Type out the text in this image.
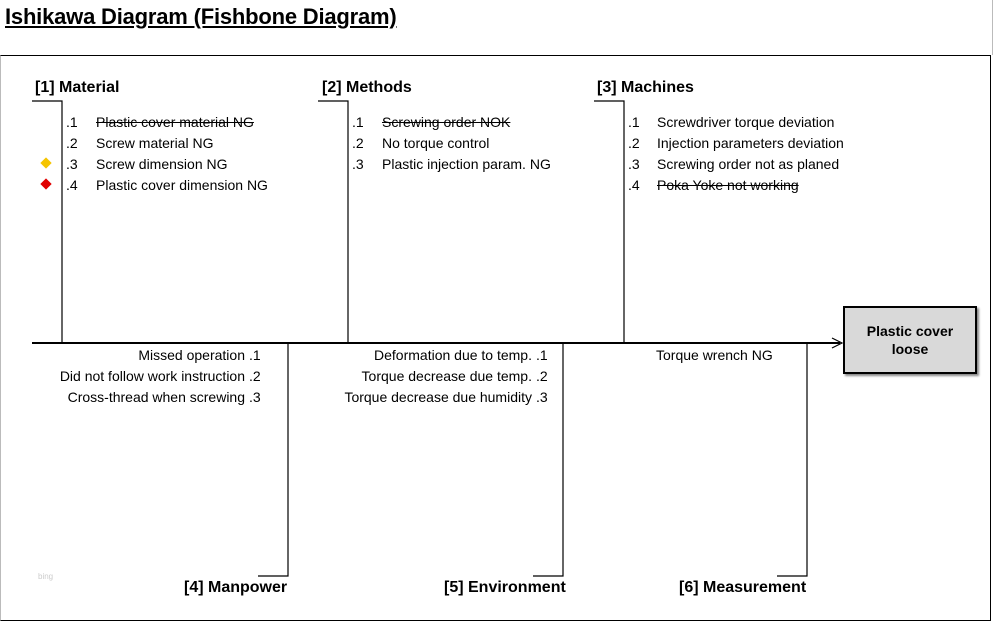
Ishikawa Diagram (Fishbone Diagram)
[1] Material	[2] Methods	[3] Machines
[4] Manpower	[5] Environment	[6] Measurement
.1 Plastic cover material NG
.2 Screw material NG
.3 Screw dimension NG
.4 Plastic cover dimension NG
.1 Screwing order NOK
.2 No torque control
.3 Plastic injection param. NG
.1 Screwdriver torque deviation
.2 Injection parameters deviation
.3 Screwing order not as planed
.4 Poka Yoke not working
Missed operation .1
Did not follow work instruction .2
Cross-thread when screwing .3
Deformation due to temp. .1
Torque decrease due temp. .2
Torque decrease due humidity .3
Torque wrench NG
Plastic cover loose
bing
